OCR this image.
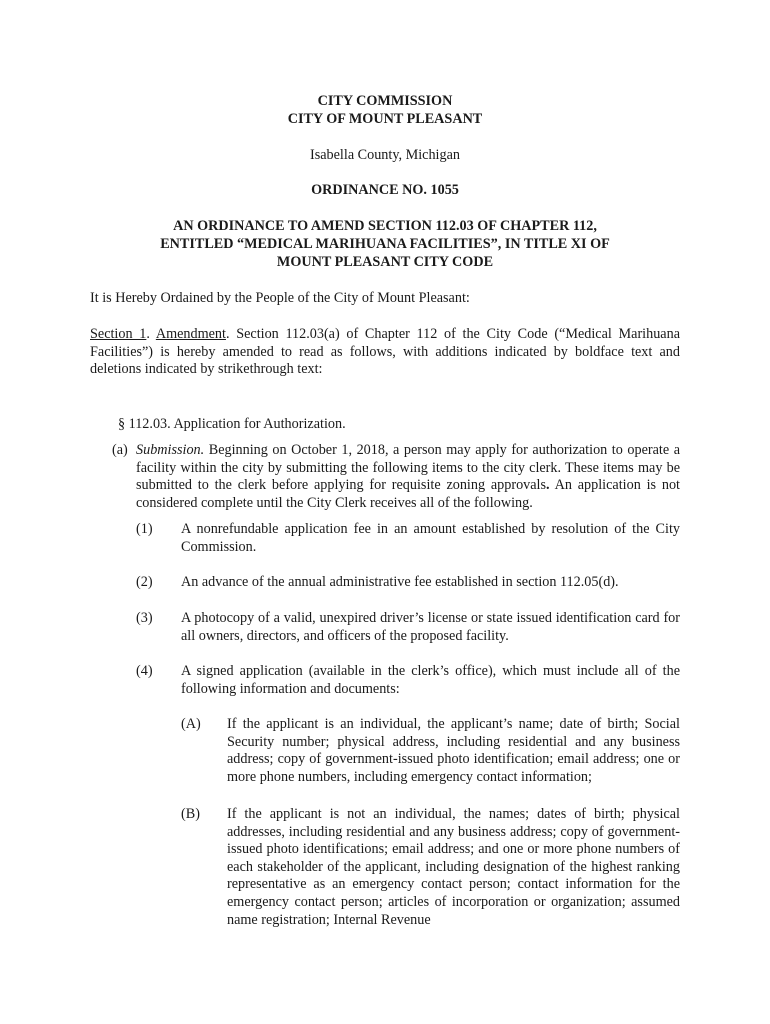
CITY COMMISSION
CITY OF MOUNT PLEASANT
Isabella County, Michigan
ORDINANCE NO. 1055
AN ORDINANCE TO AMEND SECTION 112.03 OF CHAPTER 112,
ENTITLED “MEDICAL MARIHUANA FACILITIES”, IN TITLE XI OF
MOUNT PLEASANT CITY CODE
It is Hereby Ordained by the People of the City of Mount Pleasant:
Section 1. Amendment. Section 112.03(a) of Chapter 112 of the City Code (“Medical Marihuana Facilities”) is hereby amended to read as follows, with additions indicated by boldface text and deletions indicated by strikethrough text:
§ 112.03. Application for Authorization.
(a) Submission. Beginning on October 1, 2018, a person may apply for authorization to operate a facility within the city by submitting the following items to the city clerk. These items may be submitted to the clerk before applying for requisite zoning approvals. An application is not considered complete until the City Clerk receives all of the following.
(1) A nonrefundable application fee in an amount established by resolution of the City Commission.
(2) An advance of the annual administrative fee established in section 112.05(d).
(3) A photocopy of a valid, unexpired driver’s license or state issued identification card for all owners, directors, and officers of the proposed facility.
(4) A signed application (available in the clerk’s office), which must include all of the following information and documents:
(A) If the applicant is an individual, the applicant’s name; date of birth; Social Security number; physical address, including residential and any business address; copy of government-issued photo identification; email address; one or more phone numbers, including emergency contact information;
(B) If the applicant is not an individual, the names; dates of birth; physical addresses, including residential and any business address; copy of government-issued photo identifications; email address; and one or more phone numbers of each stakeholder of the applicant, including designation of the highest ranking representative as an emergency contact person; contact information for the emergency contact person; articles of incorporation or organization; assumed name registration; Internal Revenue
